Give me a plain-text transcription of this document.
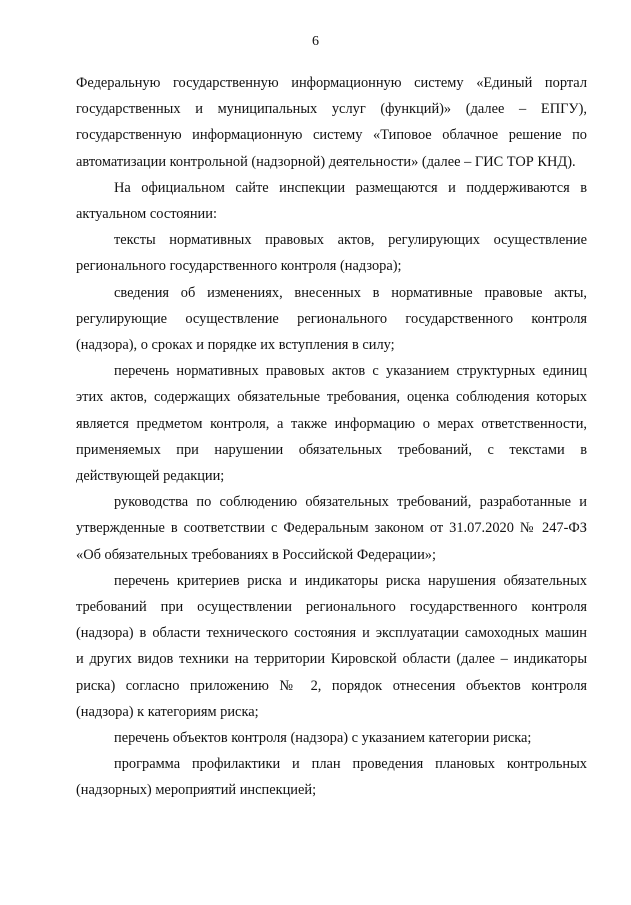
6

Федеральную государственную информационную систему «Единый портал
государственных и муниципальных услуг (функций)» (далее – ЕПГУ),
государственную информационную систему «Типовое облачное решение по
автоматизации контрольной (надзорной) деятельности» (далее – ГИС ТОР КНД).

На официальном сайте инспекции размещаются и поддерживаются в
актуальном состоянии:

тексты нормативных правовых актов, регулирующих осуществление
регионального государственного контроля (надзора);

сведения об изменениях, внесенных в нормативные правовые акты,
регулирующие осуществление регионального государственного контроля
(надзора), о сроках и порядке их вступления в силу;

перечень нормативных правовых актов с указанием структурных единиц
этих актов, содержащих обязательные требования, оценка соблюдения которых
является предметом контроля, а также информацию о мерах ответственности,
применяемых при нарушении обязательных требований, с текстами в
действующей редакции;

руководства по соблюдению обязательных требований, разработанные и
утвержденные в соответствии с Федеральным законом от 31.07.2020 № 247-ФЗ
«Об обязательных требованиях в Российской Федерации»;

перечень критериев риска и индикаторы риска нарушения обязательных
требований при осуществлении регионального государственного контроля
(надзора) в области технического состояния и эксплуатации самоходных машин
и других видов техники на территории Кировской области (далее – индикаторы
риска) согласно приложению № 2, порядок отнесения объектов контроля
(надзора) к категориям риска;

перечень объектов контроля (надзора) с указанием категории риска;

программа профилактики и план проведения плановых контрольных
(надзорных) мероприятий инспекцией;
